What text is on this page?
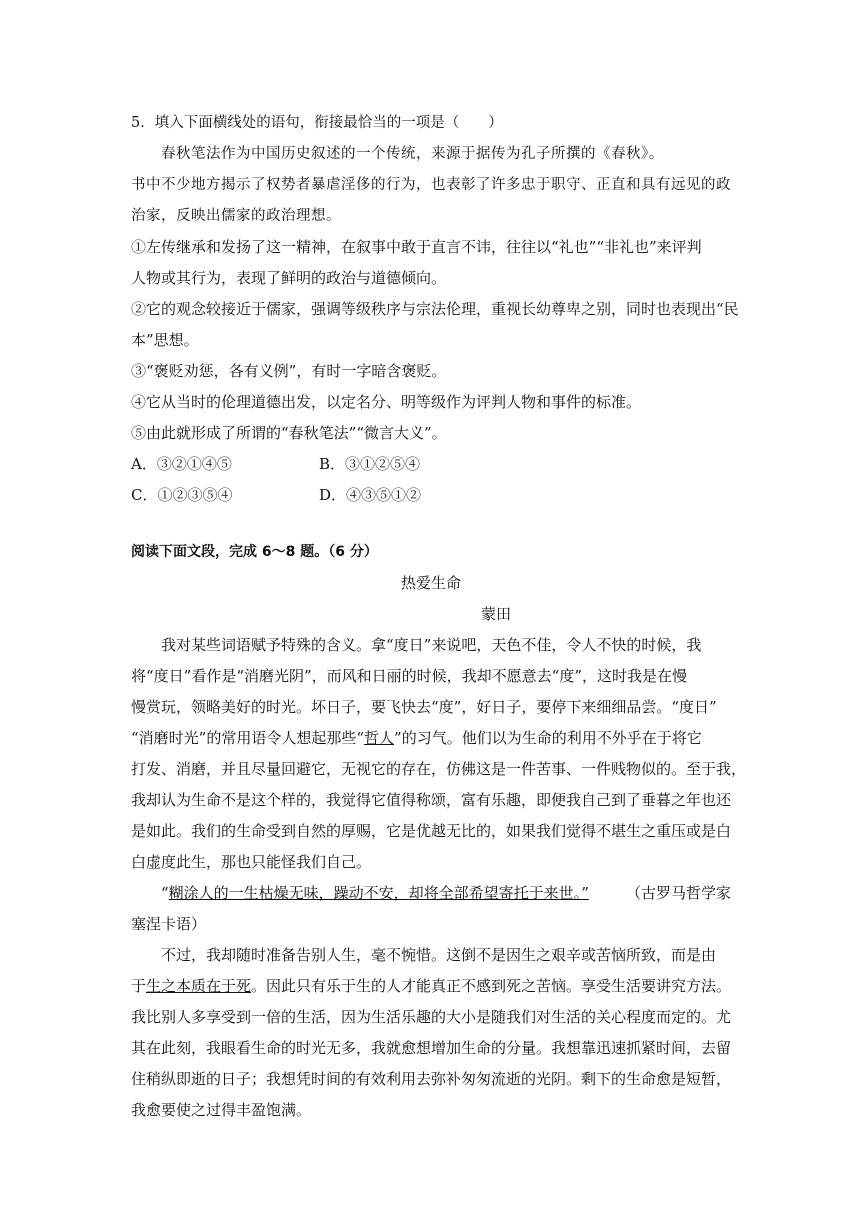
5．填入下面横线处的语句，衔接最恰当的一项是（　　）
春秋笔法作为中国历史叙述的一个传统，来源于据传为孔子所撰的《春秋》。
书中不少地方揭示了权势者暴虐淫侈的行为，也表彰了许多忠于职守、正直和具有远见的政
治家，反映出儒家的政治理想。
①左传继承和发扬了这一精神，在叙事中敢于直言不讳，往往以“礼也”“非礼也”来评判
人物或其行为，表现了鲜明的政治与道德倾向。
②它的观念较接近于儒家，强调等级秩序与宗法伦理，重视长幼尊卑之别，同时也表现出“民
本”思想。
③“褒贬劝惩，各有义例”，有时一字暗含褒贬。
④它从当时的伦理道德出发，以定名分、明等级作为评判人物和事件的标准。
⑤由此就形成了所谓的“春秋笔法”“微言大义”。
A．③②①④⑤	B．③①②⑤④
C．①②③⑤④	D．④③⑤①②
阅读下面文段，完成 6～8 题。（6 分）
热爱生命
蒙田
我对某些词语赋予特殊的含义。拿“度日”来说吧，天色不佳，令人不快的时候，我
将“度日”看作是“消磨光阴”，而风和日丽的时候，我却不愿意去“度”，这时我是在慢
慢赏玩，领略美好的时光。坏日子，要飞快去“度”，好日子，要停下来细细品尝。“度日”
“消磨时光”的常用语令人想起那些“哲人”的习气。他们以为生命的利用不外乎在于将它
打发、消磨，并且尽量回避它，无视它的存在，仿佛这是一件苦事、一件贱物似的。至于我，
我却认为生命不是这个样的，我觉得它值得称颂，富有乐趣，即便我自己到了垂暮之年也还
是如此。我们的生命受到自然的厚赐，它是优越无比的，如果我们觉得不堪生之重压或是白
白虚度此生，那也只能怪我们自己。
“糊涂人的一生枯燥无味，躁动不安，却将全部希望寄托于来世。” （古罗马哲学家
塞涅卡语）
不过，我却随时准备告别人生，毫不惋惜。这倒不是因生之艰辛或苦恼所致，而是由
于生之本质在于死。因此只有乐于生的人才能真正不感到死之苦恼。享受生活要讲究方法。
我比别人多享受到一倍的生活，因为生活乐趣的大小是随我们对生活的关心程度而定的。尤
其在此刻，我眼看生命的时光无多，我就愈想增加生命的分量。我想靠迅速抓紧时间，去留
住稍纵即逝的日子；我想凭时间的有效利用去弥补匆匆流逝的光阴。剩下的生命愈是短暂，
我愈要使之过得丰盈饱满。
